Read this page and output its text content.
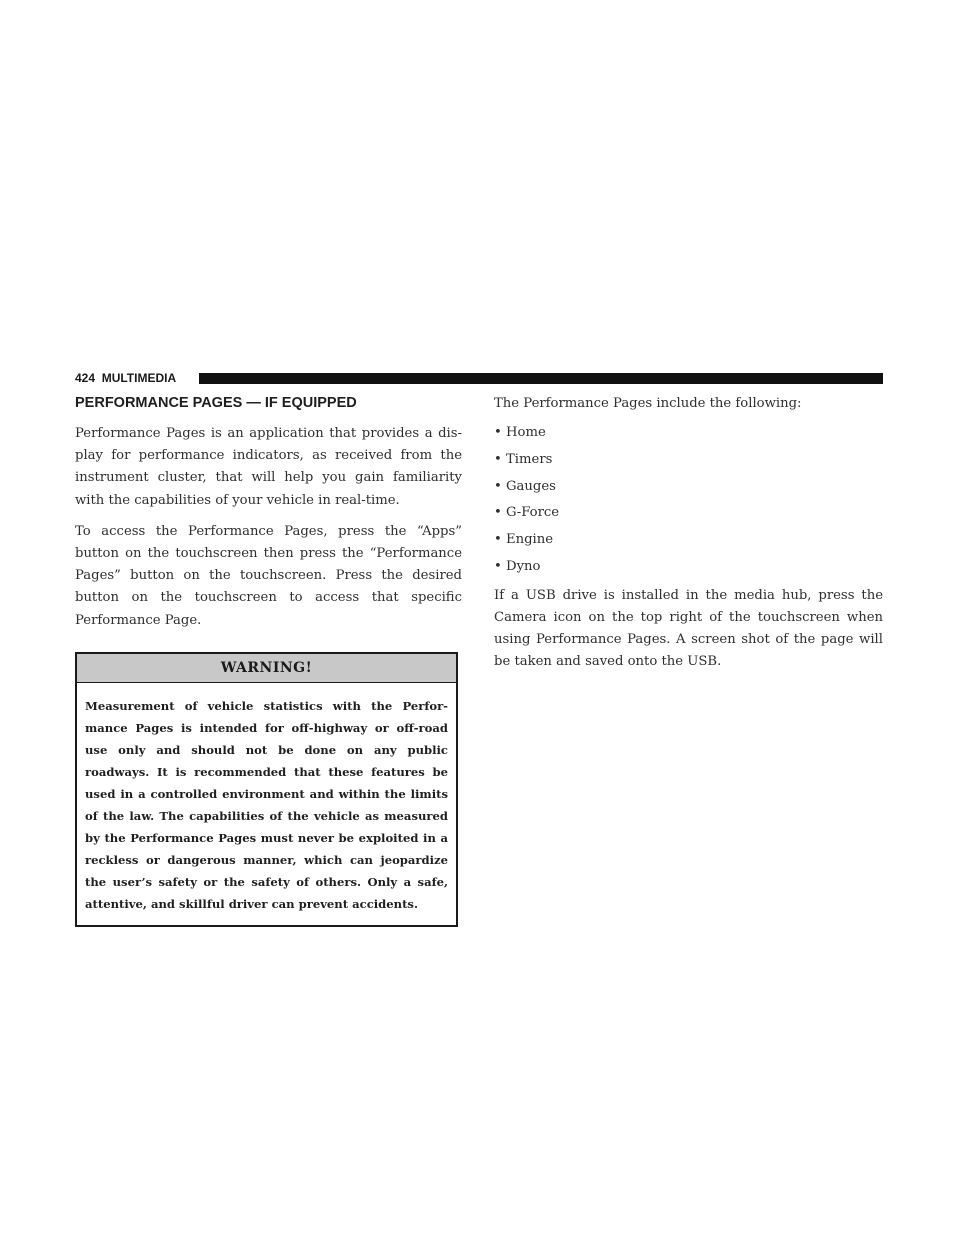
424 MULTIMEDIA
PERFORMANCE PAGES — IF EQUIPPED

Performance Pages is an application that provides a dis-play for performance indicators, as received from the instrument cluster, that will help you gain familiarity with the capabilities of your vehicle in real-time.

To access the Performance Pages, press the “Apps” button on the touchscreen then press the “Performance Pages” button on the touchscreen. Press the desired button on the touchscreen to access that specific Performance Page.

WARNING!
Measurement of vehicle statistics with the Perfor-mance Pages is intended for off-highway or off-road use only and should not be done on any public roadways. It is recommended that these features be used in a controlled environment and within the limits of the law. The capabilities of the vehicle as measured by the Performance Pages must never be exploited in a reckless or dangerous manner, which can jeopardize the user’s safety or the safety of others. Only a safe, attentive, and skillful driver can prevent accidents.

The Performance Pages include the following:

• Home
• Timers
• Gauges
• G-Force
• Engine
• Dyno

If a USB drive is installed in the media hub, press the Camera icon on the top right of the touchscreen when using Performance Pages. A screen shot of the page will be taken and saved onto the USB.
